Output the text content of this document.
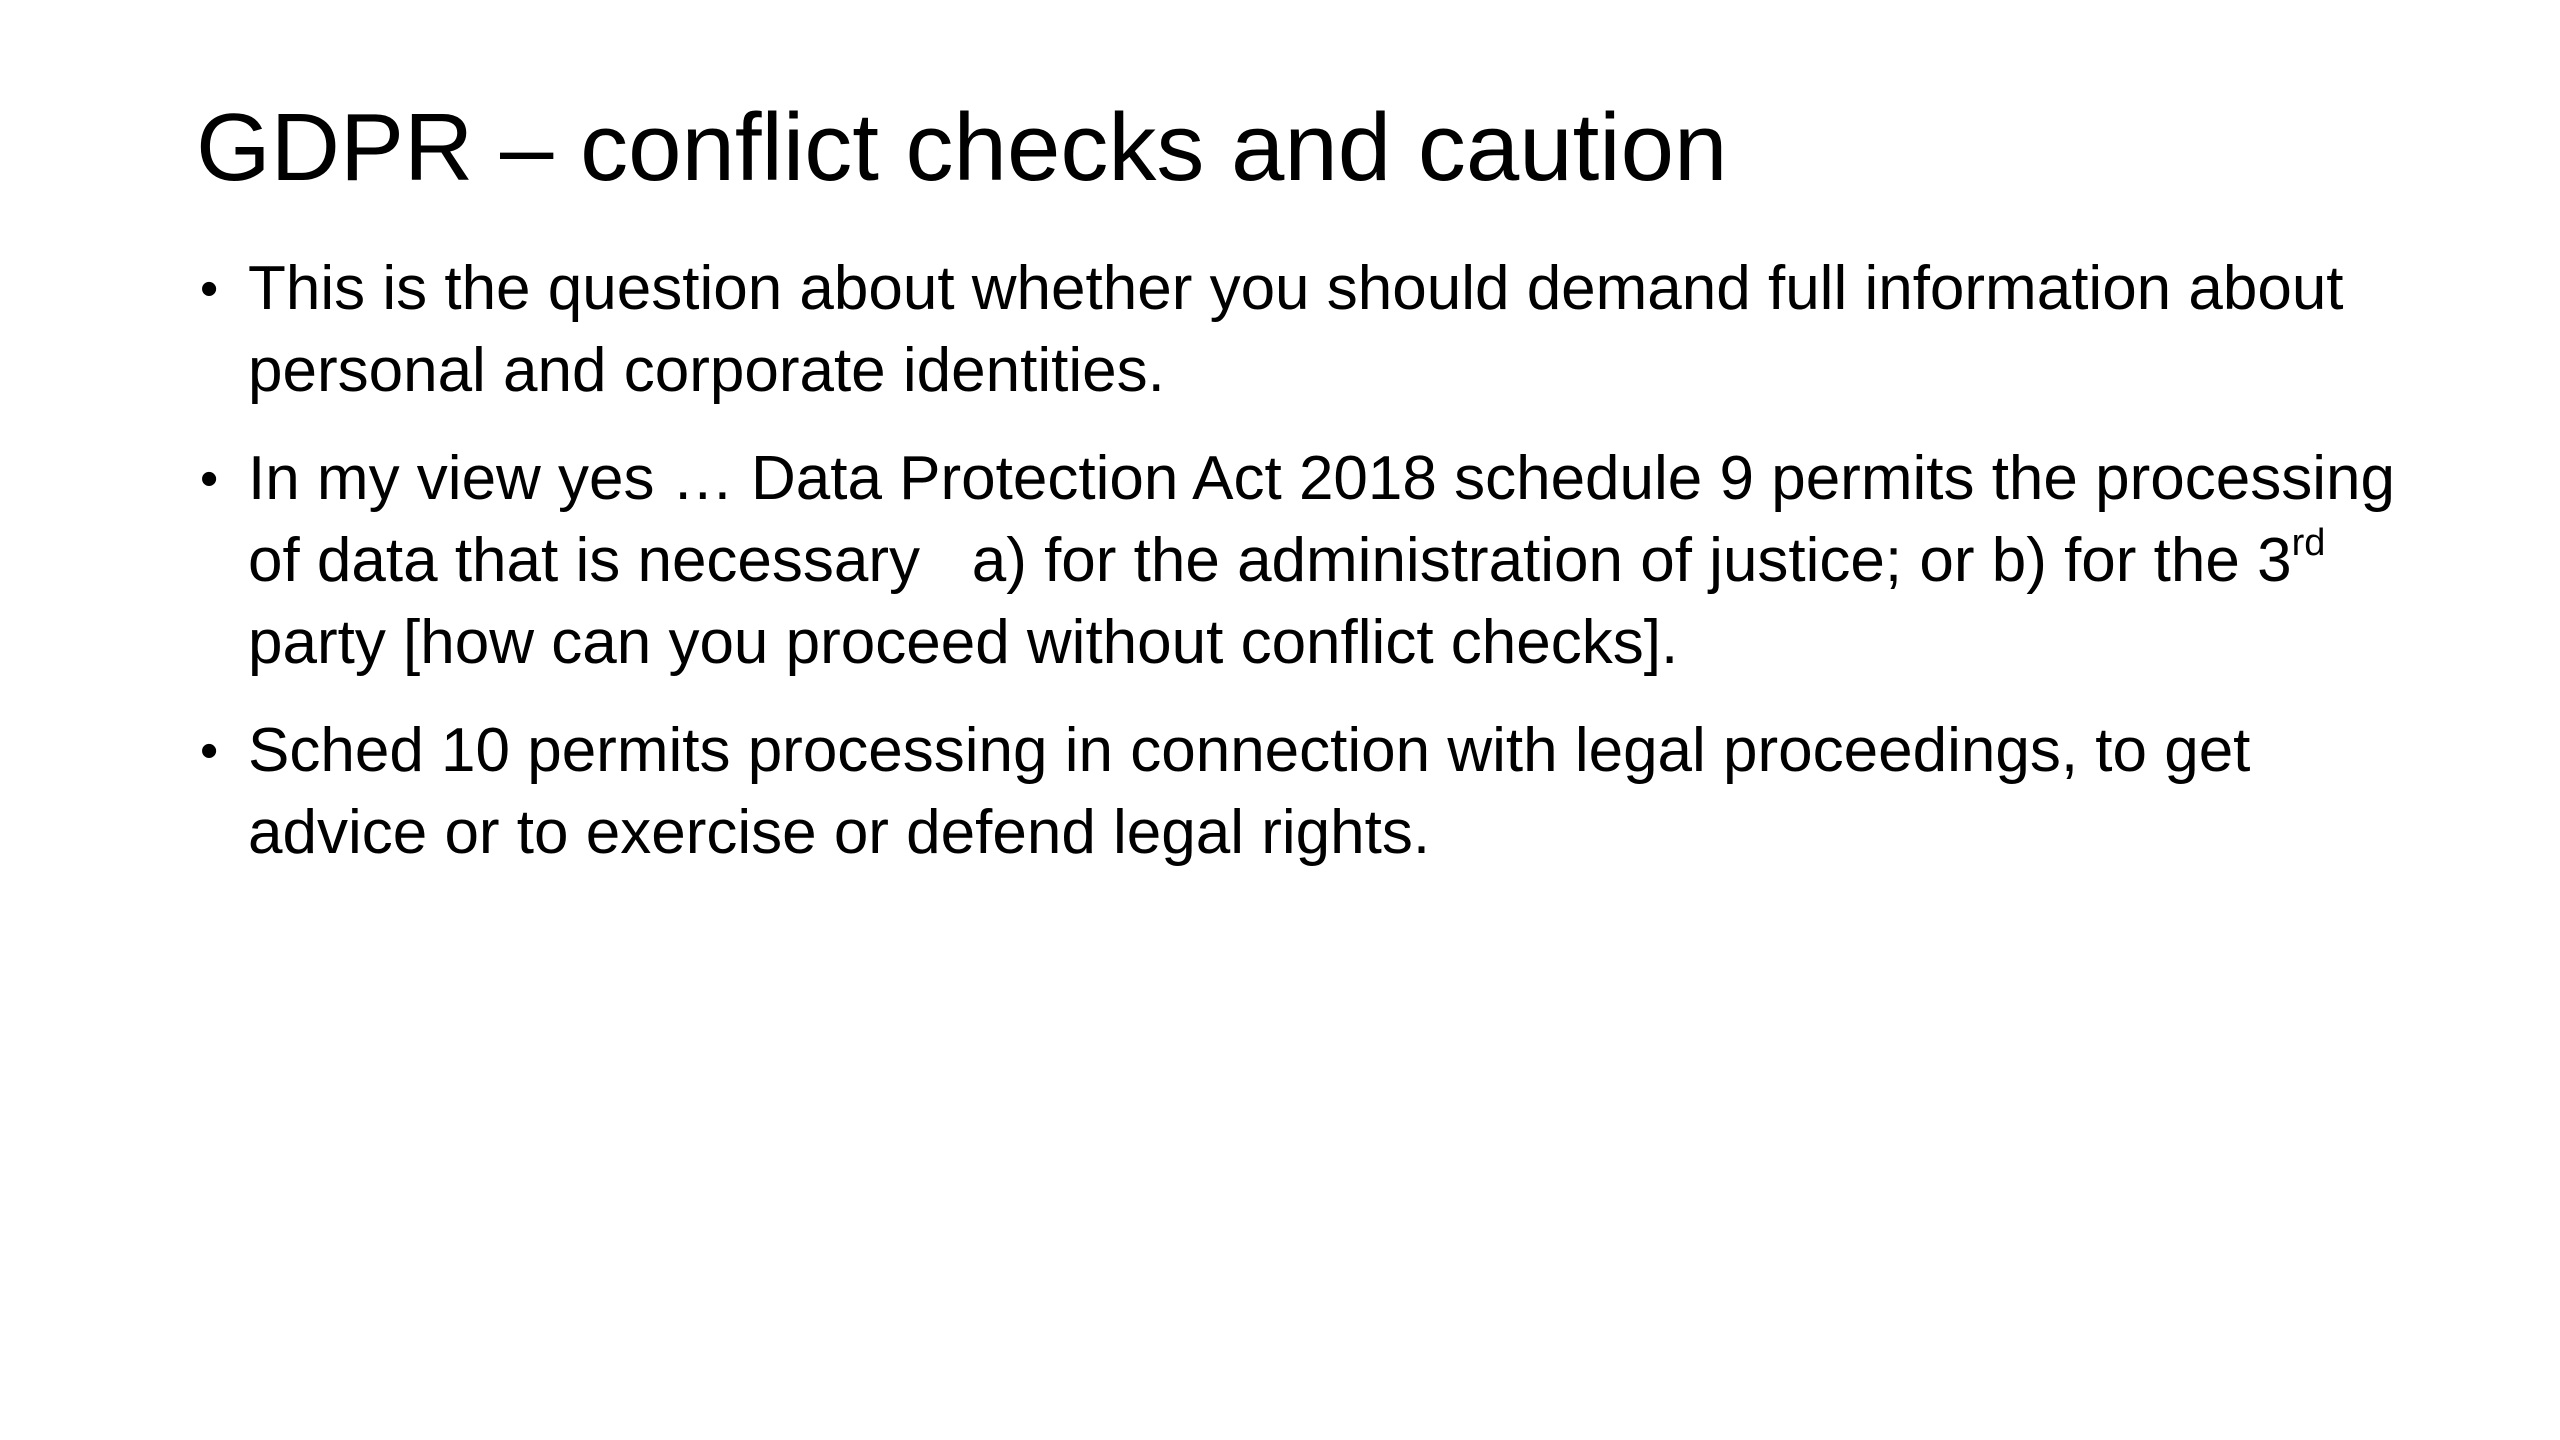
GDPR – conflict checks and caution
• This is the question about whether you should demand full information about personal and corporate identities.
• In my view yes … Data Protection Act 2018 schedule 9 permits the processing of data that is necessary   a) for the administration of justice; or b) for the 3rd party [how can you proceed without conflict checks].
• Sched 10 permits processing in connection with legal proceedings, to get advice or to exercise or defend legal rights.
